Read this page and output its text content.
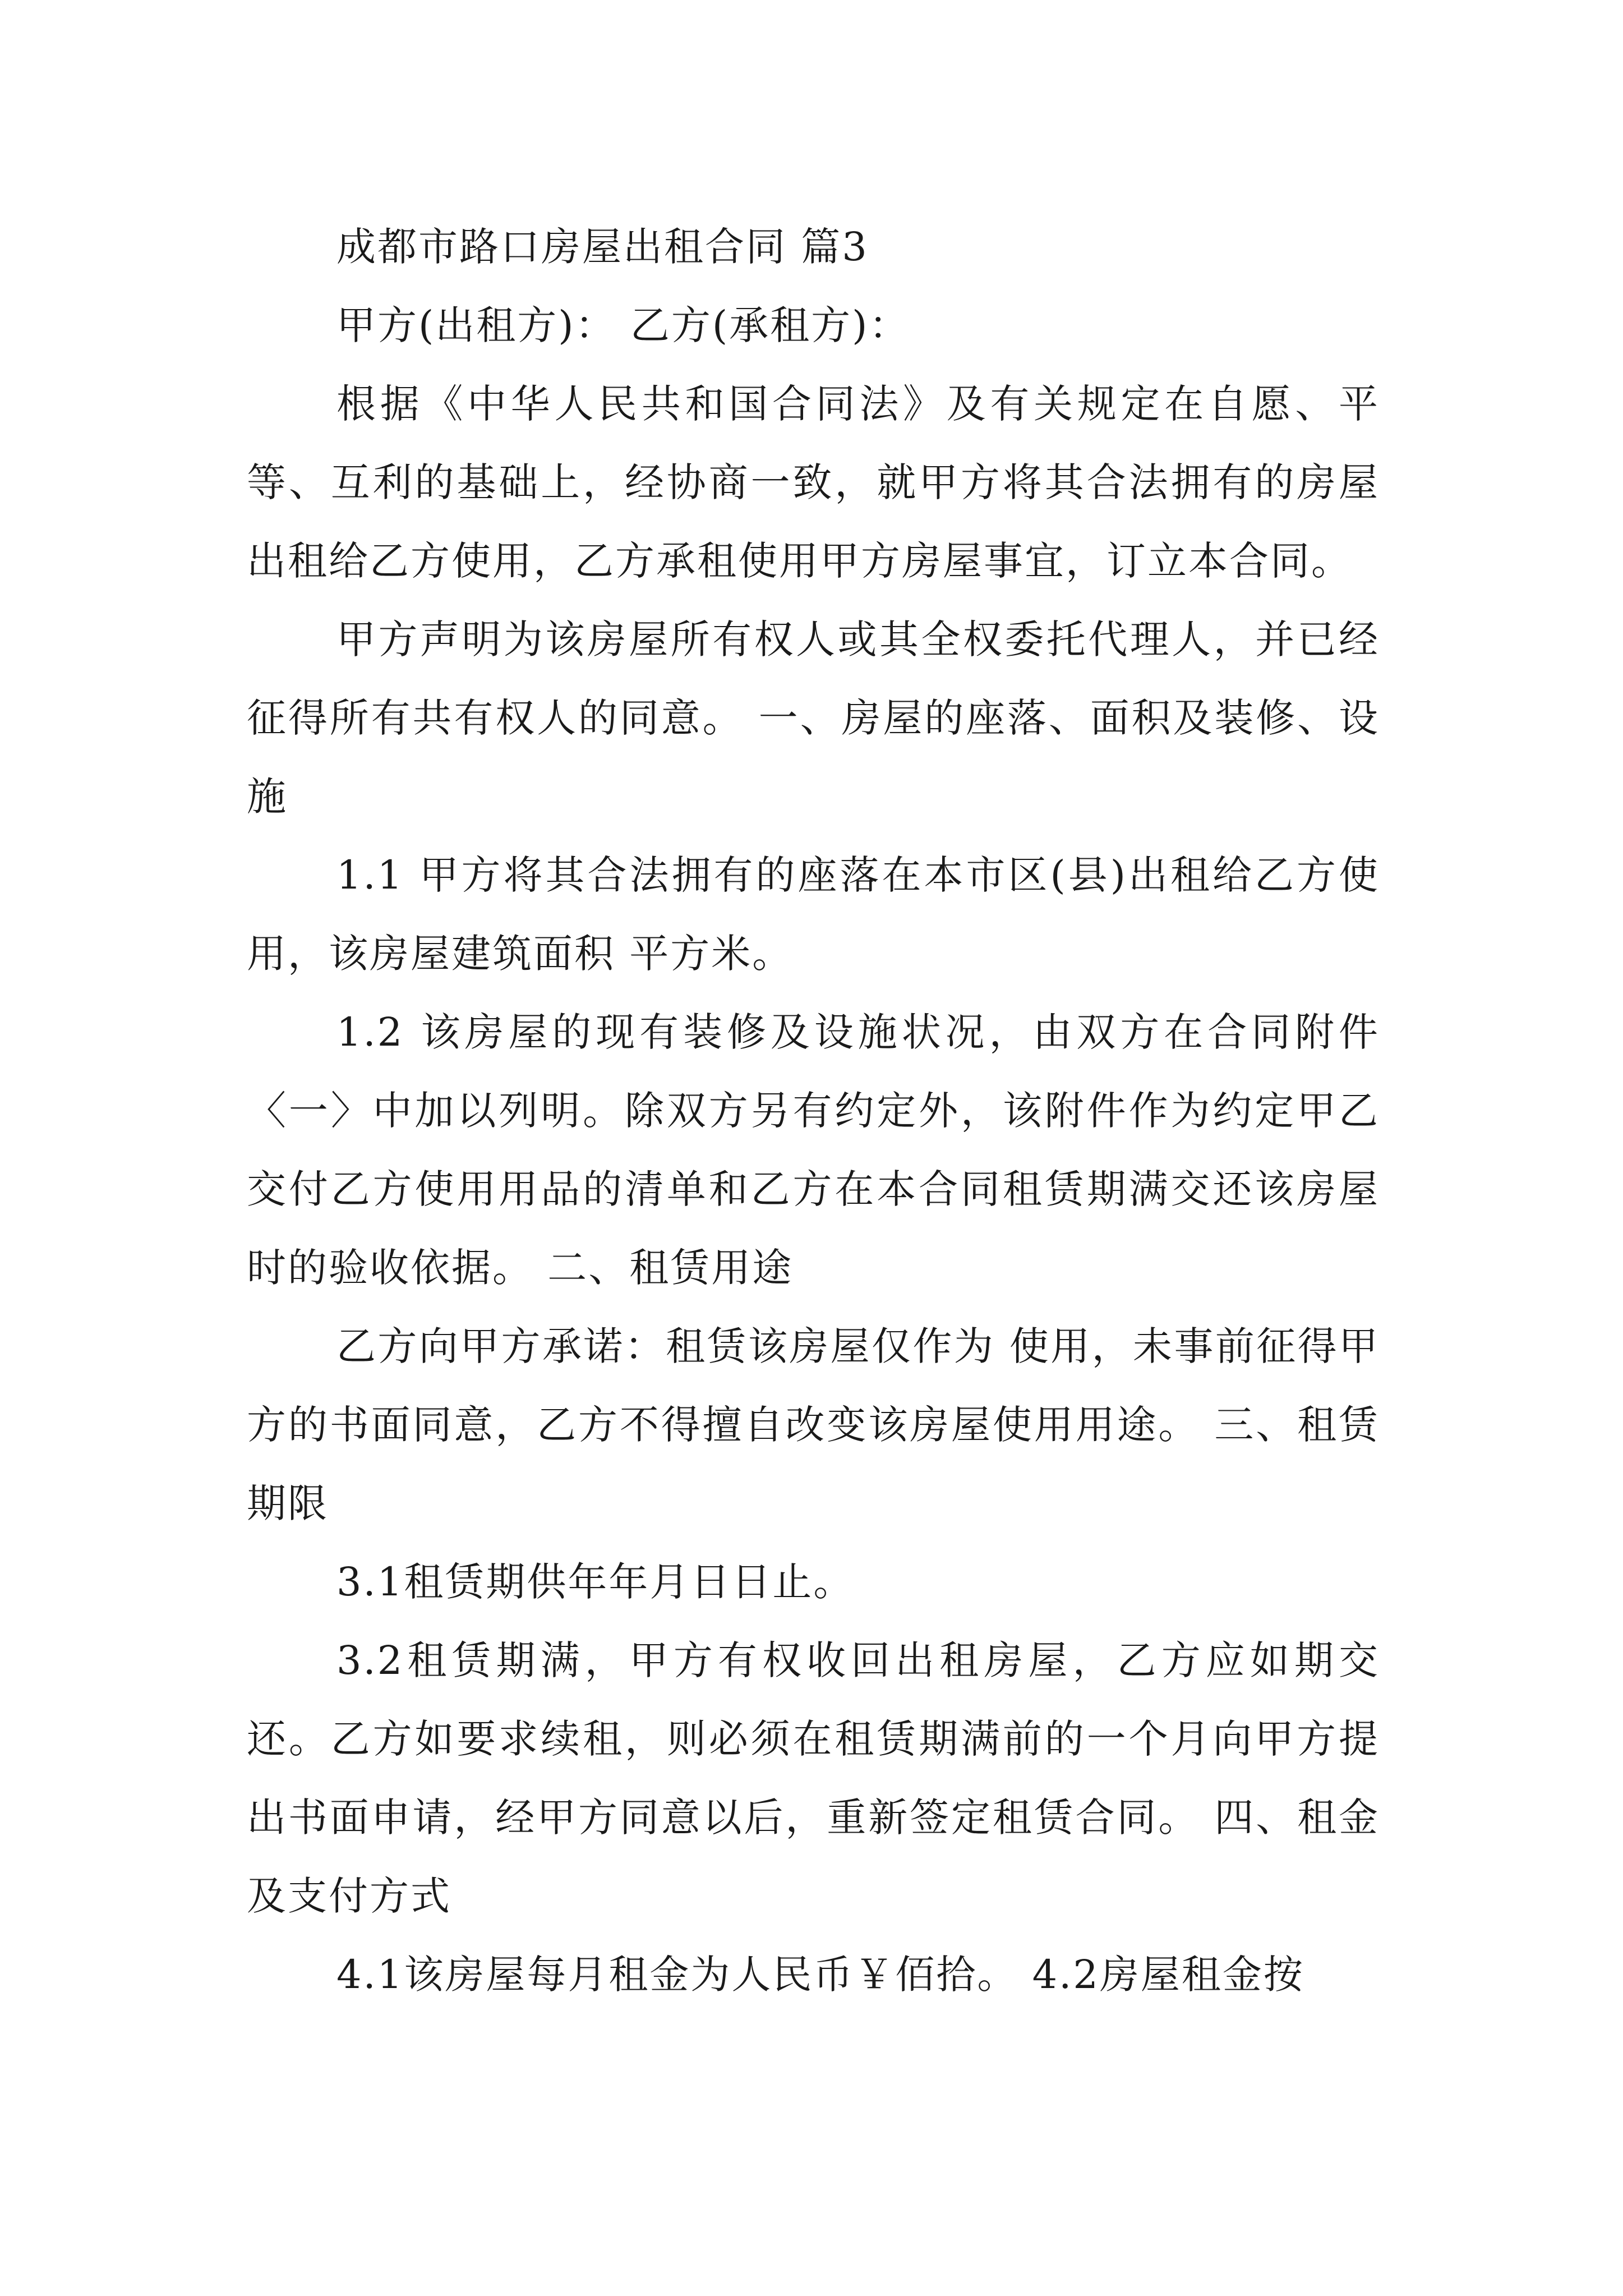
成都市路口房屋出租合同 篇3

甲方(出租方)： 乙方(承租方)：

根据《中华人民共和国合同法》及有关规定在自愿、平等、互利的基础上，经协商一致，就甲方将其合法拥有的房屋出租给乙方使用，乙方承租使用甲方房屋事宜，订立本合同。

甲方声明为该房屋所有权人或其全权委托代理人，并已经征得所有共有权人的同意。 一、房屋的座落、面积及装修、设施

1.1 甲方将其合法拥有的座落在本市区(县)出租给乙方使用，该房屋建筑面积 平方米。

1.2 该房屋的现有装修及设施状况，由双方在合同附件〈一〉中加以列明。除双方另有约定外，该附件作为约定甲乙交付乙方使用用品的清单和乙方在本合同租赁期满交还该房屋时的验收依据。 二、租赁用途

乙方向甲方承诺：租赁该房屋仅作为 使用，未事前征得甲方的书面同意，乙方不得擅自改变该房屋使用用途。 三、租赁期限

3.1租赁期供年年月日日止。

3.2租赁期满，甲方有权收回出租房屋，乙方应如期交还。乙方如要求续租，则必须在租赁期满前的一个月向甲方提出书面申请，经甲方同意以后，重新签定租赁合同。 四、租金及支付方式

4.1该房屋每月租金为人民币￥佰拾。 4.2房屋租金按
